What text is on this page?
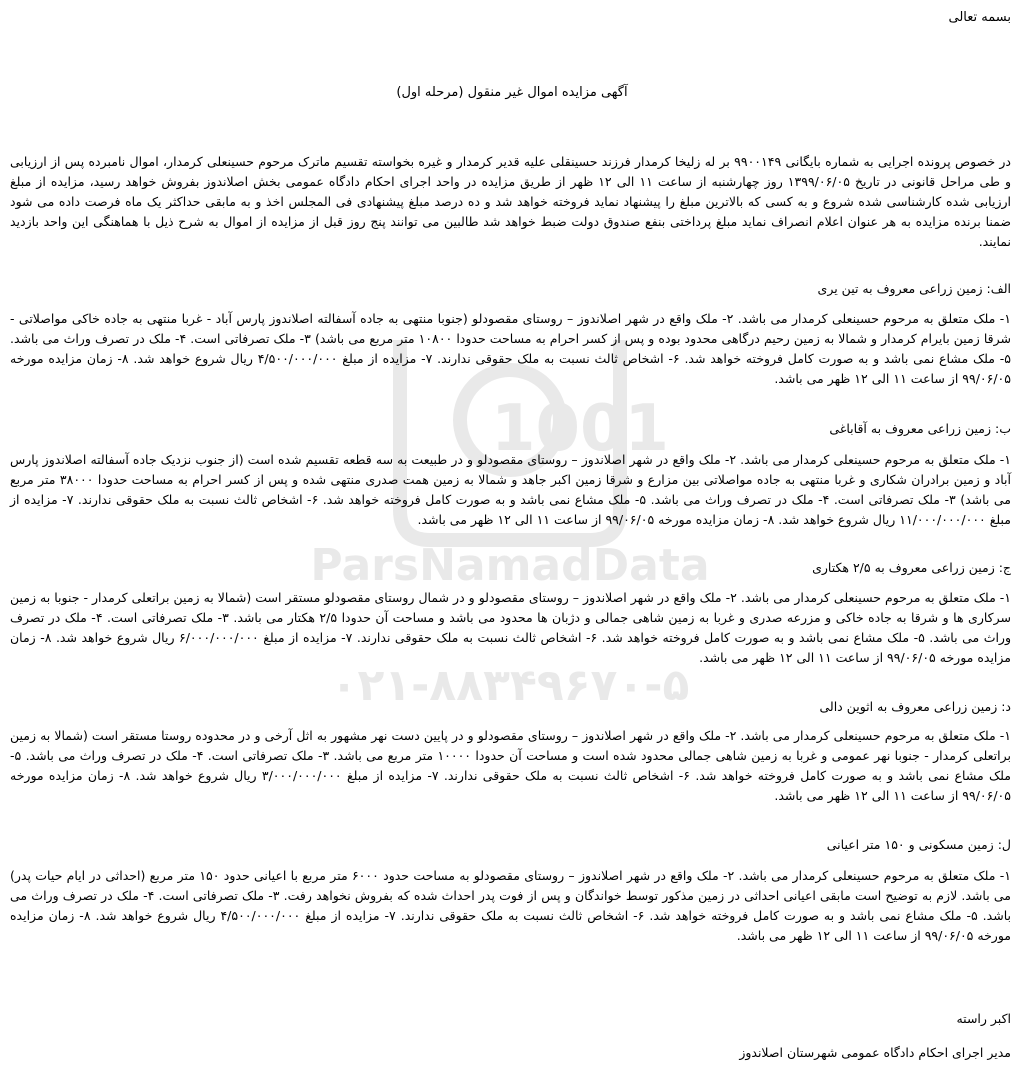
1001
ParsNamadData
۰۲۱-۸۸۳۴۹۶۷۰-۵

بسمه تعالی

آگهی مزایده اموال غیر منقول (مرحله اول)

در خصوص پرونده اجرایی به شماره بایگانی ۹۹۰۰۱۴۹ بر له زلیخا کرمدار فرزند حسینقلی علیه قدیر کرمدار و غیره بخواسته تقسیم ماترک مرحوم حسینعلی کرمدار، اموال نامبرده پس از ارزیابی و طی مراحل قانونی در تاریخ ۱۳۹۹/۰۶/۰۵ روز چهارشنبه از ساعت ۱۱ الی ۱۲ ظهر از طریق مزایده در واحد اجرای احکام دادگاه عمومی بخش اصلاندوز بفروش خواهد رسید، مزایده از مبلغ ارزیابی شده کارشناسی شده شروع و به کسی که بالاترین مبلغ را پیشنهاد نماید فروخته خواهد شد و ده درصد مبلغ پیشنهادی فی المجلس اخذ و به مابقی حداکثر یک ماه فرصت داده می شود ضمنا برنده مزایده به هر عنوان اعلام انصراف نماید مبلغ پرداختی بنفع صندوق دولت ضبط خواهد شد طالبین می توانند پنج روز قبل از مزایده از اموال به شرح ذیل با هماهنگی این واحد بازدید نمایند.

الف: زمین زراعی معروف به تین یری

۱- ملک متعلق به مرحوم حسینعلی کرمدار می باشد. ۲- ملک واقع در شهر اصلاندوز – روستای مقصودلو (جنوبا منتهی به جاده آسفالته اصلاندوز پارس آباد - غربا منتهی به جاده خاکی مواصلاتی - شرقا زمین بایرام کرمدار و شمالا به زمین رحیم درگاهی محدود بوده و پس از کسر احرام به مساحت حدودا ۱۰۸۰۰ متر مربع می باشد) ۳- ملک تصرفاتی است. ۴- ملک در تصرف وراث می باشد. ۵- ملک مشاع نمی باشد و به صورت کامل فروخته خواهد شد. ۶- اشخاص ثالث نسبت به ملک حقوقی ندارند. ۷- مزایده از مبلغ ۴/۵۰۰/۰۰۰/۰۰۰ ریال شروع خواهد شد. ۸- زمان مزایده مورخه ۹۹/۰۶/۰۵ از ساعت ۱۱ الی ۱۲ ظهر می باشد.

ب: زمین زراعی معروف به آقاباغی

۱- ملک متعلق به مرحوم حسینعلی کرمدار می باشد. ۲- ملک واقع در شهر اصلاندوز – روستای مقصودلو و در طبیعت به سه قطعه تقسیم شده است (از جنوب نزدیک جاده آسفالته اصلاندوز پارس آباد و زمین برادران شکاری و غربا منتهی به جاده مواصلاتی بین مزارع و شرقا زمین اکبر جاهد و شمالا به زمین همت صدری منتهی شده و پس از کسر احرام به مساحت حدودا ۳۸۰۰۰ متر مربع می باشد) ۳- ملک تصرفاتی است. ۴- ملک در تصرف وراث می باشد. ۵- ملک مشاع نمی باشد و به صورت کامل فروخته خواهد شد. ۶- اشخاص ثالث نسبت به ملک حقوقی ندارند. ۷- مزایده از مبلغ ۱۱/۰۰۰/۰۰۰/۰۰۰ ریال شروع خواهد شد. ۸- زمان مزایده مورخه ۹۹/۰۶/۰۵ از ساعت ۱۱ الی ۱۲ ظهر می باشد.

ج: زمین زراعی معروف به ۲/۵ هکتاری

۱- ملک متعلق به مرحوم حسینعلی کرمدار می باشد. ۲- ملک واقع در شهر اصلاندوز – روستای مقصودلو و در شمال روستای مقصودلو مستقر است (شمالا به زمین براتعلی کرمدار - جنوبا به زمین سرکاری ها و شرقا به جاده خاکی و مزرعه صدری و غربا به زمین شاهی جمالی و دژبان ها محدود می باشد و مساحت آن حدودا ۲/۵ هکتار می باشد. ۳- ملک تصرفاتی است. ۴- ملک در تصرف وراث می باشد. ۵- ملک مشاع نمی باشد و به صورت کامل فروخته خواهد شد. ۶- اشخاص ثالث نسبت به ملک حقوقی ندارند. ۷- مزایده از مبلغ ۶/۰۰۰/۰۰۰/۰۰۰ ریال شروع خواهد شد. ۸- زمان مزایده مورخه ۹۹/۰۶/۰۵ از ساعت ۱۱ الی ۱۲ ظهر می باشد.

د: زمین زراعی معروف به اثوین دالی

۱- ملک متعلق به مرحوم حسینعلی کرمدار می باشد. ۲- ملک واقع در شهر اصلاندوز – روستای مقصودلو و در پایین دست نهر مشهور به اثل آرخی و در محدوده روستا مستقر است (شمالا به زمین براتعلی کرمدار - جنوبا نهر عمومی و غربا به زمین شاهی جمالی محدود شده است و مساحت آن حدودا ۱۰۰۰۰ متر مربع می باشد. ۳- ملک تصرفاتی است. ۴- ملک در تصرف وراث می باشد. ۵- ملک مشاع نمی باشد و به صورت کامل فروخته خواهد شد. ۶- اشخاص ثالث نسبت به ملک حقوقی ندارند. ۷- مزایده از مبلغ ۳/۰۰۰/۰۰۰/۰۰۰ ریال شروع خواهد شد. ۸- زمان مزایده مورخه ۹۹/۰۶/۰۵ از ساعت ۱۱ الی ۱۲ ظهر می باشد.

ل: زمین مسکونی و ۱۵۰ متر اعیانی

۱- ملک متعلق به مرحوم حسینعلی کرمدار می باشد. ۲- ملک واقع در شهر اصلاندوز – روستای مقصودلو به مساحت حدود ۶۰۰۰ متر مربع با اعیانی حدود ۱۵۰ متر مربع (احداثی در ایام حیات پدر) می باشد. لازم به توضیح است مابقی اعیانی احداثی در زمین مذکور توسط خواندگان و پس از فوت پدر احداث شده که بفروش نخواهد رفت. ۳- ملک تصرفاتی است. ۴- ملک در تصرف وراث می باشد. ۵- ملک مشاع نمی باشد و به صورت کامل فروخته خواهد شد. ۶- اشخاص ثالث نسبت به ملک حقوقی ندارند. ۷- مزایده از مبلغ ۴/۵۰۰/۰۰۰/۰۰۰ ریال شروع خواهد شد. ۸- زمان مزایده مورخه ۹۹/۰۶/۰۵ از ساعت ۱۱ الی ۱۲ ظهر می باشد.

اکبر راسته

مدیر اجرای احکام دادگاه عمومی شهرستان اصلاندوز
